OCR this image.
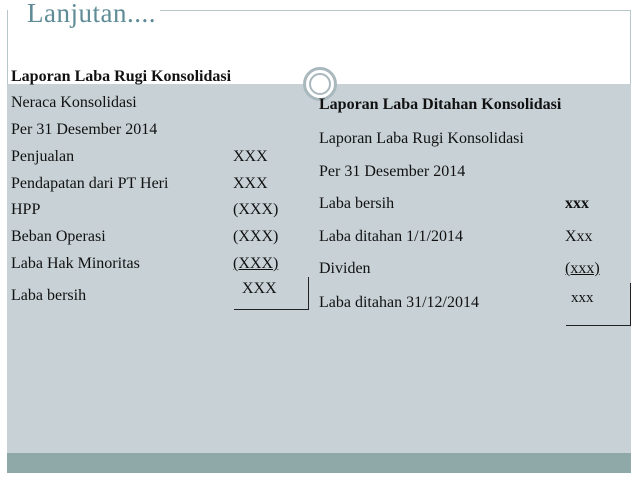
Lanjutan....
Laporan Laba Rugi Konsolidasi
Neraca Konsolidasi
Per 31 Desember 2014
Penjualan	XXX
Pendapatan dari PT Heri	XXX
HPP	(XXX)
Beban Operasi	(XXX)
Laba Hak Minoritas	(XXX)
Laba bersih	XXX
Laporan Laba Ditahan Konsolidasi
Laporan Laba Rugi Konsolidasi
Per 31 Desember 2014
Laba bersih	xxx
Laba ditahan 1/1/2014	Xxx
Dividen	(xxx)
Laba ditahan 31/12/2014	xxx
